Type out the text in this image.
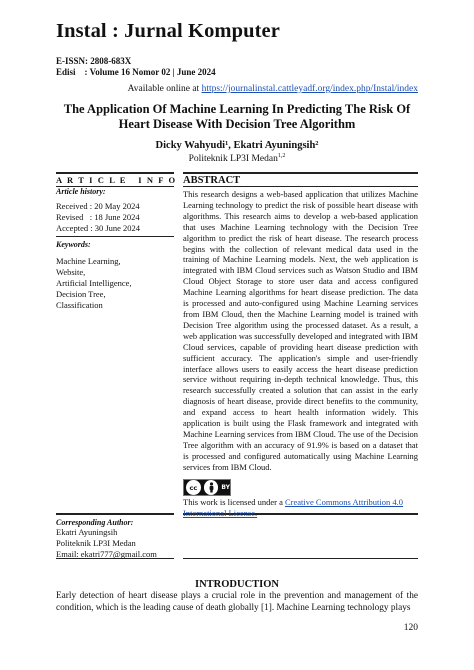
Instal : Jurnal Komputer
E-ISSN: 2808-683X
Edisi    : Volume 16 Nomor 02 | June 2024
Available online at https://journalinstal.cattleyadf.org/index.php/Instal/index
The Application Of Machine Learning In Predicting The Risk Of Heart Disease With Decision Tree Algorithm
Dicky Wahyudi¹, Ekatri Ayuningsih²
Politeknik LP3I Medan$^{1,2}$
A R T I C L E   I N F O
Article history:
Received : 20 May 2024
Revised   : 18 June 2024
Accepted : 30 June 2024
Keywords:
Machine Learning,
Website,
Artificial Intelligence,
Decision Tree,
Classification
ABSTRACT
This research designs a web-based application that utilizes Machine Learning technology to predict the risk of possible heart disease with algorithms. This research aims to develop a web-based application that uses Machine Learning technology with the Decision Tree algorithm to predict the risk of heart disease. The research process begins with the collection of relevant medical data used in the training of Machine Learning models. Next, the web application is integrated with IBM Cloud services such as Watson Studio and IBM Cloud Object Storage to store user data and access configured Machine Learning algorithms for heart disease prediction. The data is processed and auto-configured using Machine Learning services from IBM Cloud, then the Machine Learning model is trained with Decision Tree algorithm using the processed dataset. As a result, a web application was successfully developed and integrated with IBM Cloud services, capable of providing heart disease prediction with sufficient accuracy. The application's simple and user-friendly interface allows users to easily access the heart disease prediction service without requiring in-depth technical knowledge. Thus, this research successfully created a solution that can assist in the early diagnosis of heart disease, provide direct benefits to the community, and expand access to heart health information widely. This application is built using the Flask framework and integrated with Machine Learning services from IBM Cloud. The use of the Decision Tree algorithm with an accuracy of 91.9% is based on a dataset that is processed and configured automatically using Machine Learning services from IBM Cloud.
cc	BY
This work is licensed under a Creative Commons Attribution 4.0 International License.
Corresponding Author:
Ekatri Ayuningsih
Politeknik LP3I Medan
Email: ekatri777@gmail.com
INTRODUCTION
Early detection of heart disease plays a crucial role in the prevention and management of the condition, which is the leading cause of death globally [1]. Machine Learning technology plays
120
